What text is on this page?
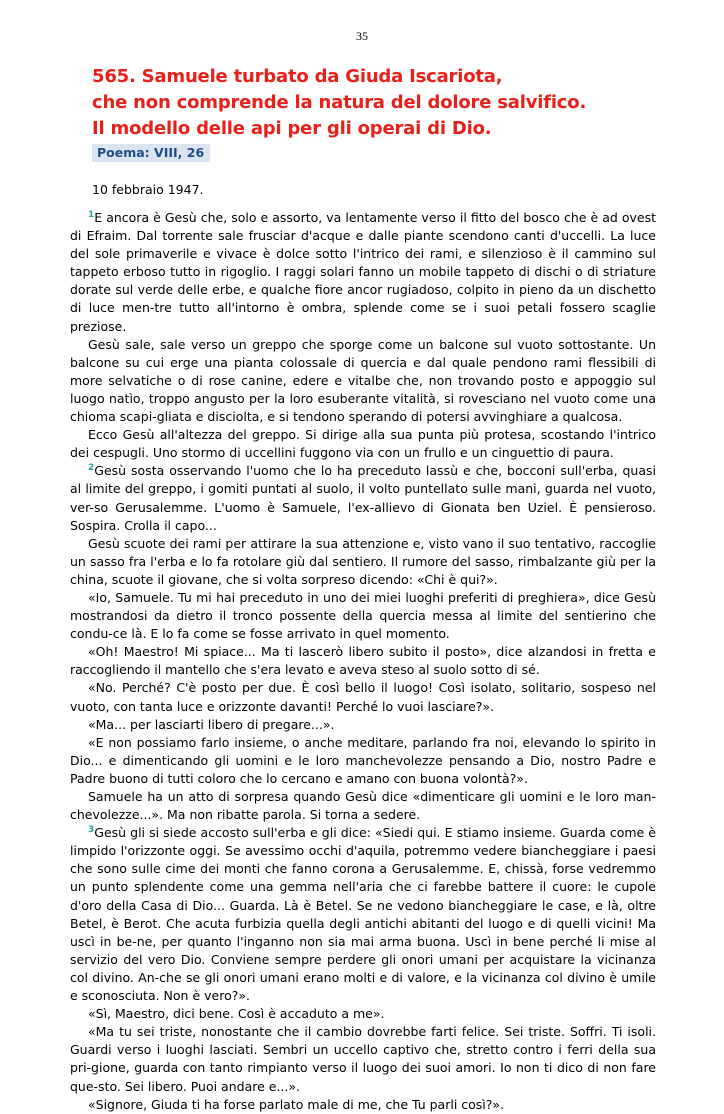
35
565. Samuele turbato da Giuda Iscariota,
che non comprende la natura del dolore salvifico.
Il modello delle api per gli operai di Dio.
Poema: VIII, 26
10 febbraio 1947.

$^1$E ancora è Gesù che, solo e assorto, va lentamente verso il fitto del bosco che è ad ovest di Efraim. Dal torrente sale frusciar d'acque e dalle piante scendono canti d'uccelli. La luce del sole primaverile e vivace è dolce sotto l'intrico dei rami, e silenzioso è il cammino sul tappeto erboso tutto in rigoglio. I raggi solari fanno un mobile tappeto di dischi o di striature dorate sul verde delle erbe, e qualche fiore ancor rugiadoso, colpito in pieno da un dischetto di luce men-tre tutto all'intorno è ombra, splende come se i suoi petali fossero scaglie preziose.

Gesù sale, sale verso un greppo che sporge come un balcone sul vuoto sottostante. Un balcone su cui erge una pianta colossale di quercia e dal quale pendono rami flessibili di more selvatiche o di rose canine, edere e vitalbe che, non trovando posto e appoggio sul luogo natìo, troppo angusto per la loro esuberante vitalità, si rovesciano nel vuoto come una chioma scapi-gliata e disciolta, e si tendono sperando di potersi avvinghiare a qualcosa.

Ecco Gesù all'altezza del greppo. Si dirige alla sua punta più protesa, scostando l'intrico dei cespugli. Uno stormo di uccellini fuggono via con un frullo e un cinguettio di paura.

$^2$Gesù sosta osservando l'uomo che lo ha preceduto lassù e che, bocconi sull'erba, quasi al limite del greppo, i gomiti puntati al suolo, il volto puntellato sulle mani, guarda nel vuoto, ver-so Gerusalemme. L'uomo è Samuele, l'ex-allievo di Gionata ben Uziel. È pensieroso. Sospira. Crolla il capo...

Gesù scuote dei rami per attirare la sua attenzione e, visto vano il suo tentativo, raccoglie un sasso fra l'erba e lo fa rotolare giù dal sentiero. Il rumore del sasso, rimbalzante giù per la china, scuote il giovane, che si volta sorpreso dicendo: «Chi è qui?».

«Io, Samuele. Tu mi hai preceduto in uno dei miei luoghi preferiti di preghiera», dice Gesù mostrandosi da dietro il tronco possente della quercia messa al limite del sentierino che condu-ce là. E lo fa come se fosse arrivato in quel momento.

«Oh! Maestro! Mi spiace... Ma ti lascerò libero subito il posto», dice alzandosi in fretta e raccogliendo il mantello che s'era levato e aveva steso al suolo sotto di sé.

«No. Perché? C'è posto per due. È così bello il luogo! Così isolato, solitario, sospeso nel vuoto, con tanta luce e orizzonte davanti! Perché lo vuoi lasciare?».

«Ma... per lasciarti libero di pregare...».

«E non possiamo farlo insieme, o anche meditare, parlando fra noi, elevando lo spirito in Dio... e dimenticando gli uomini e le loro manchevolezze pensando a Dio, nostro Padre e Padre buono di tutti coloro che lo cercano e amano con buona volontà?».

Samuele ha un atto di sorpresa quando Gesù dice «dimenticare gli uomini e le loro man-chevolezze...». Ma non ribatte parola. Si torna a sedere.

$^3$Gesù gli si siede accosto sull'erba e gli dice: «Siedi qui. E stiamo insieme. Guarda come è limpido l'orizzonte oggi. Se avessimo occhi d'aquila, potremmo vedere biancheggiare i paesi che sono sulle cime dei monti che fanno corona a Gerusalemme. E, chissà, forse vedremmo un punto splendente come una gemma nell'aria che ci farebbe battere il cuore: le cupole d'oro della Casa di Dio... Guarda. Là è Betel. Se ne vedono biancheggiare le case, e là, oltre Betel, è Berot. Che acuta furbizia quella degli antichi abitanti del luogo e di quelli vicini! Ma uscì in be-ne, per quanto l'inganno non sia mai arma buona. Uscì in bene perché li mise al servizio del vero Dio. Conviene sempre perdere gli onori umani per acquistare la vicinanza col divino. An-che se gli onori umani erano molti e di valore, e la vicinanza col divino è umile e sconosciuta. Non è vero?».

«Sì, Maestro, dici bene. Così è accaduto a me».

«Ma tu sei triste, nonostante che il cambio dovrebbe farti felice. Sei triste. Soffri. Ti isoli. Guardi verso i luoghi lasciati. Sembri un uccello captivo che, stretto contro i ferri della sua pri-gione, guarda con tanto rimpianto verso il luogo dei suoi amori. Io non ti dico di non fare que-sto. Sei libero. Puoi andare e...».

«Signore, Giuda ti ha forse parlato male di me, che Tu parli così?».
